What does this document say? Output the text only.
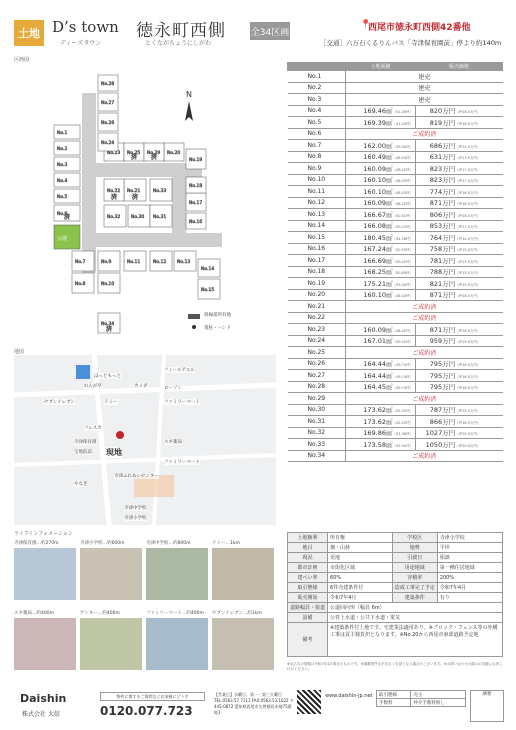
土地 D’s town
ディーズタウン
徳永町西側
とくながちょうにしがわ
全34区画
📍
西尾市徳永町西側42番他
［交通］六万石くるりんバス「寺津保育園前」停より約140m
区画図
No.1
No.2
No.3
No.4
No.5
No.6
No.7
No.8
No.9
No.10
No.11	No.12 No.13
No.14
No.15
No.16
No.17
No.18
No.19
No.20
No.21
No.22
No.23
No.24
No.25
No.26
No.27
No.28
No.29
No.30 No.31
No.32
No.33
No.34
済
済
済
済 済
済
N
公園
斜線部所有地
電柱・ハンド
地図
フィールアエル
ほっともっと
れんが亭	カメダ	ローソン
セブンイレブン	ドミー	ファミリーマート
フレスカ
寺津保育園
宝地院前
スギ薬局
現地
ファミリーマート
寺津ふれあいセンター
やなぎ
寺津中学校
寺津小学校
ライフインフォメーション
寺津保育園…約270m	寺津小学校…約600m	寺津中学校…約800m	ドミー…1km
スギ薬局…約400m	ゲンキー…約400m	ファミリーマート…約400m セブンイレブン…約1km
	土地面積	販売価格
No.1	建売	
No.2	建売	
No.3	建売	
No.4	169.46㎡（51.26坪）	820万円（坪16.0万円）
No.5	169.39㎡（51.24坪）	819万円（坪16.0万円）
No.6	ご成約済	
No.7	162.00㎡（49.00坪）	686万円（坪14.0万円）
No.8	160.49㎡（48.54坪）	631万円（坪13.0万円）
No.9	160.09㎡（48.42坪）	823万円（坪17.0万円）
No.10	160.10㎡（48.43坪）	823万円（坪17.0万円）
No.11	160.10㎡（48.43坪）	774万円（坪16.0万円）
No.12	160.09㎡（48.42坪）	871万円（坪18.0万円）
No.13	166.67㎡（50.41坪）	806万円（坪16.0万円）
No.14	166.08㎡（50.23坪）	853万円（坪17.0万円）
No.15	180.45㎡（54.58坪）	764万円（坪14.0万円）
No.16	167.24㎡（50.59坪）	758万円（坪15.0万円）
No.17	166.69㎡（50.42坪）	781万円（坪15.5万円）
No.18	168.25㎡（50.89坪）	788万円（坪15.5万円）
No.19	175.21㎡（53.00坪）	821万円（坪15.5万円）
No.20	160.10㎡（48.43坪）	871万円（坪18.0万円）
No.21	ご成約済	
No.22	ご成約済	
No.23	160.09㎡（48.42坪）	871万円（坪18.0万円）
No.24	167.01㎡（50.52坪）	959万円（坪19.0万円）
No.25	ご成約済	
No.26	164.44㎡（49.74坪）	795万円（坪16.0万円）
No.27	164.44㎡（49.74坪）	795万円（坪16.0万円）
No.28	164.45㎡（49.74坪）	795万円（坪16.0万円）
No.29	ご成約済	
No.30	173.62㎡（52.52坪）	787万円（坪15.0万円）
No.31	173.62㎡（52.52坪）	866万円（坪16.5万円）
No.32	169.86㎡（51.38坪）	1027万円（坪20.0万円）
No.33	173.58㎡（52.50坪）	1050万円（坪20.0万円）
No.34	ご成約済	
土地権利	所有権	学校区	寺津小学校
地目	畑・山林	地勢	平坦
現況	更地	引渡日	相談
都市計画	市街化区域	用途地域	第一種住居地域
建ぺい率	60%	容積率	200%
取引態様	6件売建条件付	造成工事完了予定	令和7年4月
販売開始	令和7年4月	建築条件	有り
道路幅員・接道	公道回向突（幅員 6m）		
設備	公営上水道・公共下水道・電気		
備考	※建築条件付土地です。宅建業法適用あり。※ブロック・フェンス等の外構工事は買主様負担となります。※No.20から西尾市東部道路予定地		
※本広告の情報は令和7年4月現在のものです。※掲載物件は予告なく変更となる場合がございます。※お問い合わせの際はお気軽にお申し付けください。
Daishin
株式会社 大信
物件に関するご質問などお気軽にどうぞ
0120.077.723
【営業日】水曜日、第一・第三火曜日 TEL:0563.57.7111 FAX:0563.53.1022 〒445-0872 愛知県西尾市矢曽根町赤地75番地1
www.daishin-jp.net 取引態様	売主
手数料	仲介手数料無し
摘要
